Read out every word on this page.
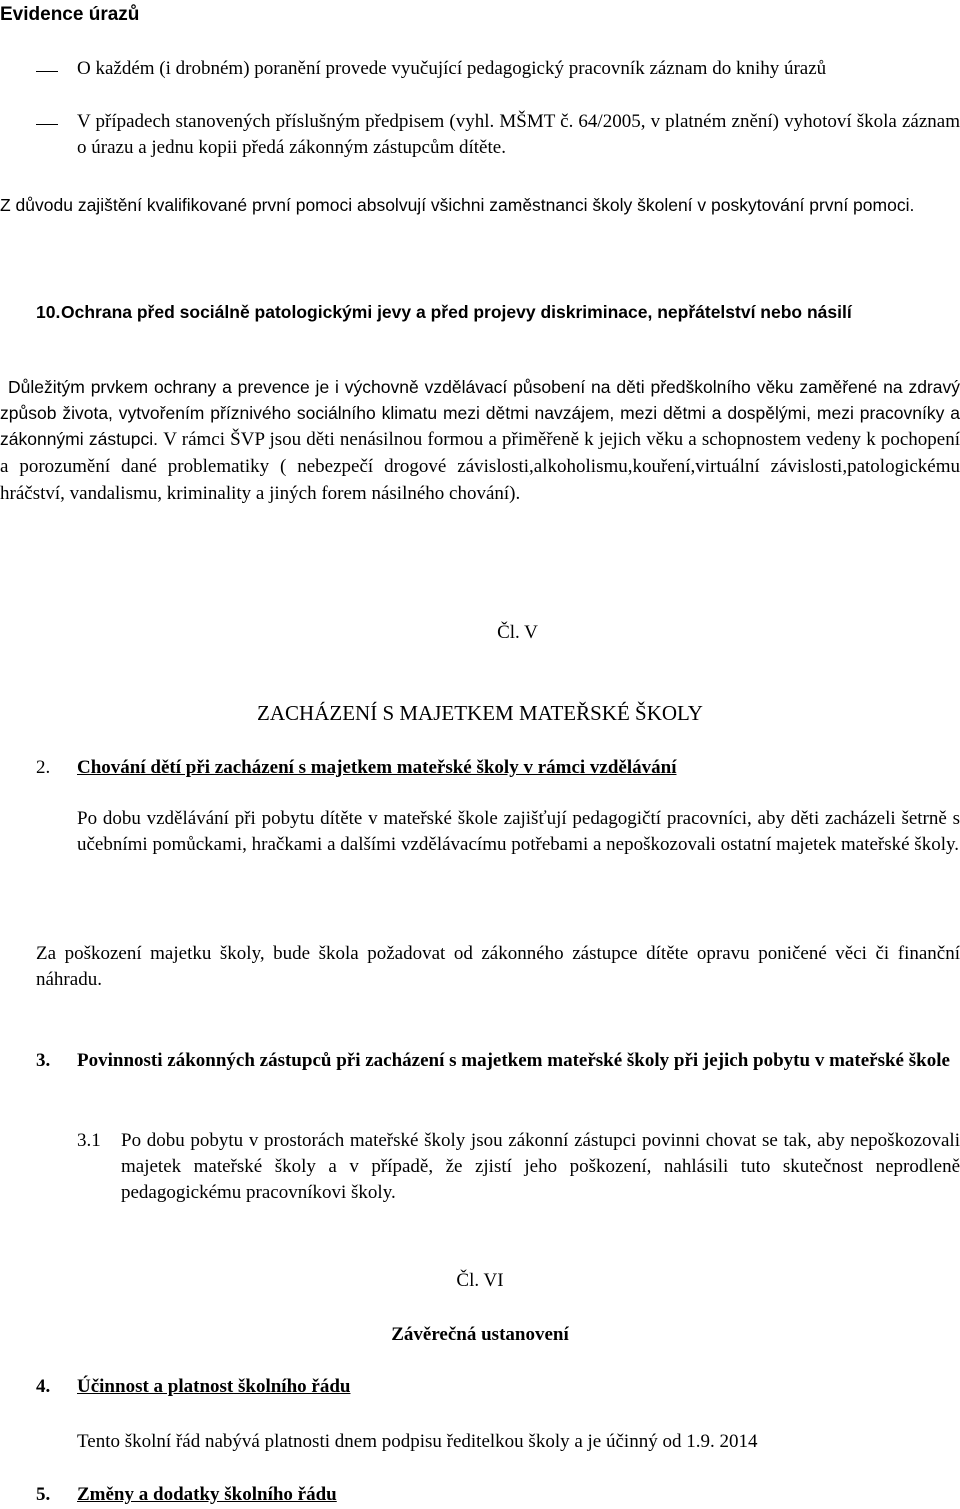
Evidence úrazů
O každém (i drobném) poranění provede vyučující pedagogický pracovník záznam do knihy úrazů
V případech stanovených příslušným předpisem (vyhl. MŠMT č. 64/2005, v platném znění) vyhotoví škola záznam o úrazu a jednu kopii předá zákonným zástupcům dítěte.
Z důvodu zajištění kvalifikované první pomoci absolvují všichni zaměstnanci školy školení v poskytování první pomoci.
10. Ochrana před sociálně patologickými jevy a před projevy diskriminace, nepřátelství nebo násilí
Důležitým prvkem ochrany a prevence je i výchovně vzdělávací působení na děti předškolního věku zaměřené na zdravý způsob života, vytvořením příznivého sociálního klimatu mezi dětmi navzájem, mezi dětmi a dospělými, mezi pracovníky a zákonnými zástupci. V rámci ŠVP jsou děti nenásilnou formou a přiměřeně k jejich věku a schopnostem vedeny k pochopení a porozumění dané problematiky ( nebezpečí drogové závislosti,alkoholismu,kouření,virtuální závislosti,patologickému hráčství, vandalismu, kriminality a jiných forem násilného chování).
Čl. V
ZACHÁZENÍ S MAJETKEM MATEŘSKÉ ŠKOLY
2. Chování dětí při zacházení s majetkem mateřské školy v rámci vzdělávání
Po dobu vzdělávání při pobytu dítěte v mateřské škole zajišťují pedagogičtí pracovníci, aby děti zacházeli šetrně s učebními pomůckami, hračkami a dalšími vzdělávacímu potřebami a nepoškozovali ostatní majetek mateřské školy.
Za poškození majetku školy, bude škola požadovat od zákonného zástupce dítěte opravu poničené věci či finanční náhradu.
3. Povinnosti zákonných zástupců při zacházení s majetkem mateřské školy při jejich pobytu v mateřské škole
3.1 Po dobu pobytu v prostorách mateřské školy jsou zákonní zástupci povinni chovat se tak, aby nepoškozovali majetek mateřské školy a v případě, že zjistí jeho poškození, nahlásili tuto skutečnost neprodleně pedagogickému pracovníkovi školy.
Čl. VI
Závěrečná ustanovení
4. Účinnost a platnost školního řádu
Tento školní řád nabývá platnosti dnem podpisu ředitelkou školy a je účinný od 1.9. 2014
5. Změny a dodatky školního řádu
